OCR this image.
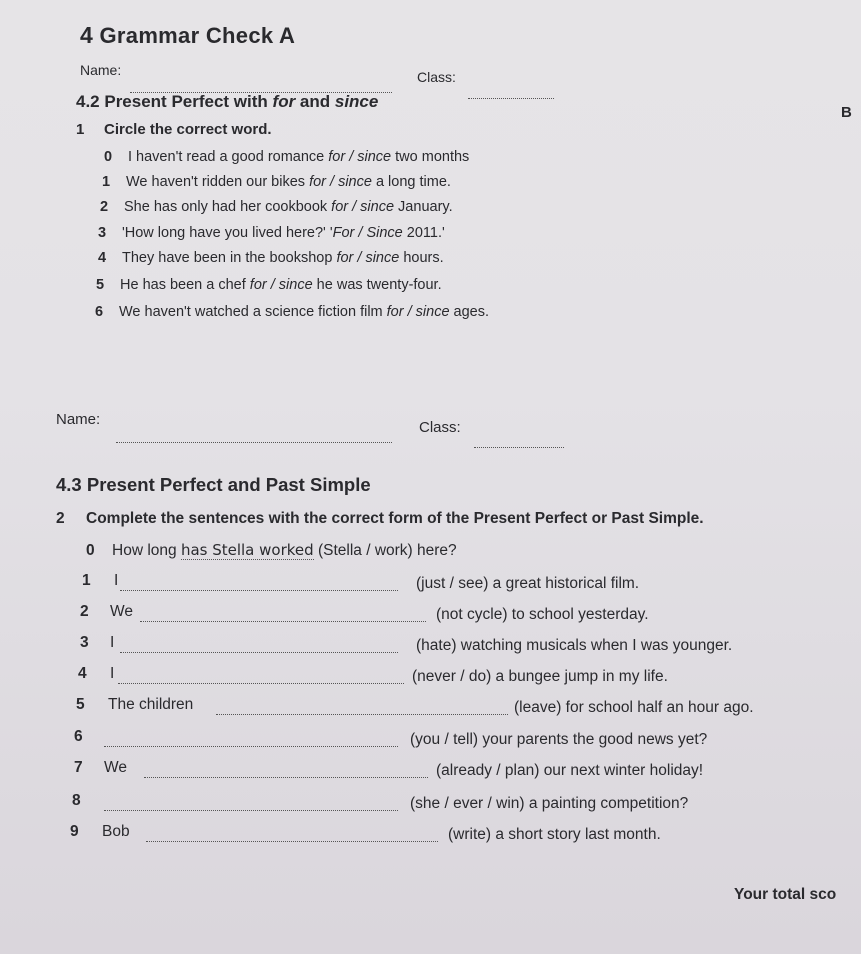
4 Grammar Check A
B
Name:	Class:
4.2 Present Perfect with for and since
1 Circle the correct word.
0 I haven't read a good romance for / since two months
1 We haven't ridden our bikes for / since a long time.
2 She has only had her cookbook for / since January.
3 'How long have you lived here?' 'For / Since 2011.'
4 They have been in the bookshop for / since hours.
5 He has been a chef for / since he was twenty-four.
6 We haven't watched a science fiction film for / since ages.
Name:	Class:
4.3 Present Perfect and Past Simple
2 Complete the sentences with the correct form of the Present Perfect or Past Simple.
0 How long has Stella worked (Stella / work) here?
1 I	(just / see) a great historical film.
2 We	(not cycle) to school yesterday.
3 I	(hate) watching musicals when I was younger.
4 I	(never / do) a bungee jump in my life.
5 The children	(leave) for school half an hour ago.
6	(you / tell) your parents the good news yet?
7 We	(already / plan) our next winter holiday!
8	(she / ever / win) a painting competition?
9 Bob	(write) a short story last month.
Your total sco
